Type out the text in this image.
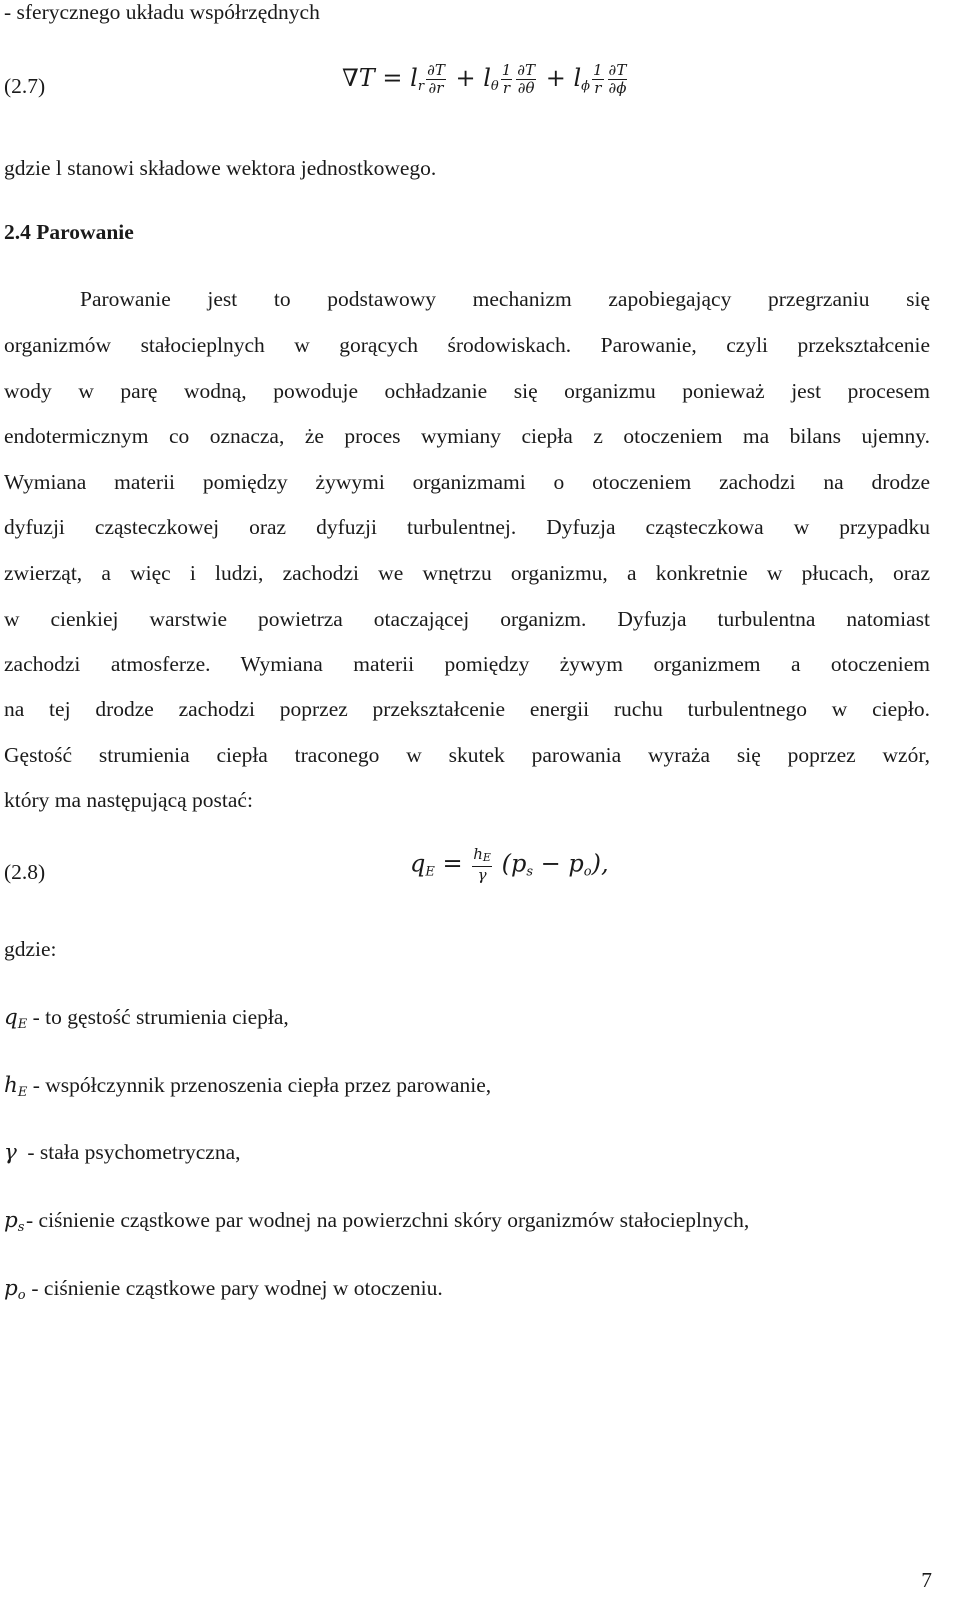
- sferycznego układu współrzędnych
(2.7)	$\nabla T = l_r \frac{\partial T}{\partial r} + l_\theta \frac{1}{r} \frac{\partial T}{\partial\theta} + l_\phi \frac{1}{r} \frac{\partial T}{\partial\phi}$
gdzie l stanowi składowe wektora jednostkowego.
2.4 Parowanie
Parowanie jest to podstawowy mechanizm zapobiegający przegrzaniu się
organizmów stałocieplnych w gorących środowiskach. Parowanie, czyli przekształcenie
wody w parę wodną, powoduje ochładzanie się organizmu ponieważ jest procesem
endotermicznym co oznacza, że proces wymiany ciepła z otoczeniem ma bilans ujemny.
Wymiana materii pomiędzy żywymi organizmami o otoczeniem zachodzi na drodze
dyfuzji cząsteczkowej oraz dyfuzji turbulentnej. Dyfuzja cząsteczkowa w przypadku
zwierząt, a więc i ludzi, zachodzi we wnętrzu organizmu, a konkretnie w płucach, oraz
w cienkiej warstwie powietrza otaczającej organizm. Dyfuzja turbulentna natomiast
zachodzi atmosferze. Wymiana materii pomiędzy żywym organizmem a otoczeniem
na tej drodze zachodzi poprzez przekształcenie energii ruchu turbulentnego w ciepło.
Gęstość strumienia ciepła traconego w skutek parowania wyraża się poprzez wzór,
który ma następującą postać:
(2.8)	$q_E = \frac{hE}{\gamma} (p_s - p_o)$,
gdzie:
$q_E$ - to gęstość strumienia ciepła,
$h_E$ - współczynnik przenoszenia ciepła przez parowanie,
γ - stała psychometryczna,
$p_s-$ ciśnienie cząstkowe par wodnej na powierzchni skóry organizmów stałocieplnych,
$p_o$ - ciśnienie cząstkowe pary wodnej w otoczeniu.
7
